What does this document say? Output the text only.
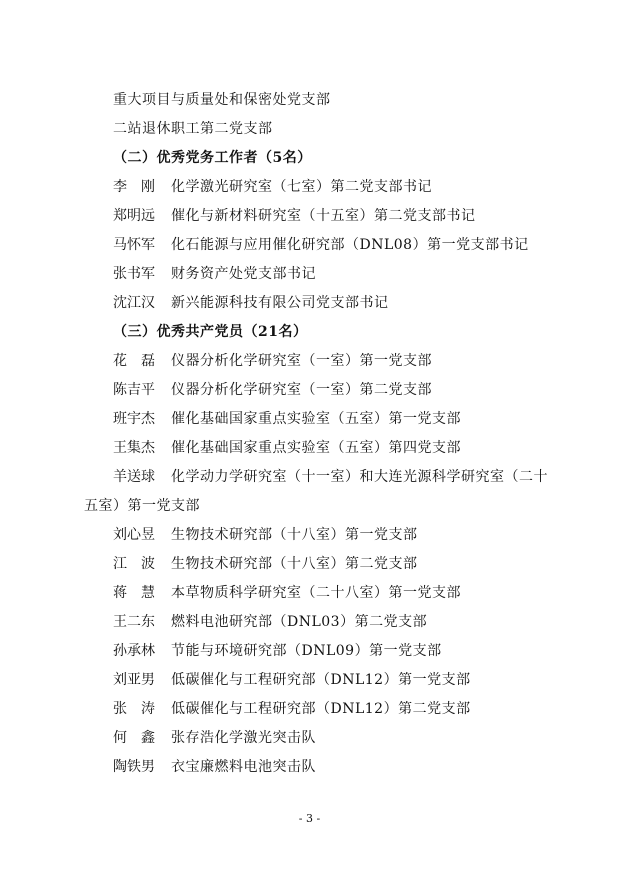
重大项目与质量处和保密处党支部
二站退休职工第二党支部
（二）优秀党务工作者（5名）
李　刚 化学激光研究室（七室）第二党支部书记
郑明远 催化与新材料研究室（十五室）第二党支部书记
马怀军 化石能源与应用催化研究部（DNL08）第一党支部书记
张书军 财务资产处党支部书记
沈江汉 新兴能源科技有限公司党支部书记
（三）优秀共产党员（21名）
花　磊 仪器分析化学研究室（一室）第一党支部
陈吉平 仪器分析化学研究室（一室）第二党支部
班宇杰 催化基础国家重点实验室（五室）第一党支部
王集杰 催化基础国家重点实验室（五室）第四党支部
羊送球 化学动力学研究室（十一室）和大连光源科学研究室（二十
五室）第一党支部
刘心昱 生物技术研究部（十八室）第一党支部
江　波 生物技术研究部（十八室）第二党支部
蒋　慧 本草物质科学研究室（二十八室）第一党支部
王二东 燃料电池研究部（DNL03）第二党支部
孙承林 节能与环境研究部（DNL09）第一党支部
刘亚男 低碳催化与工程研究部（DNL12）第一党支部
张　涛 低碳催化与工程研究部（DNL12）第二党支部
何　鑫 张存浩化学激光突击队
陶铁男 衣宝廉燃料电池突击队
- 3 -
